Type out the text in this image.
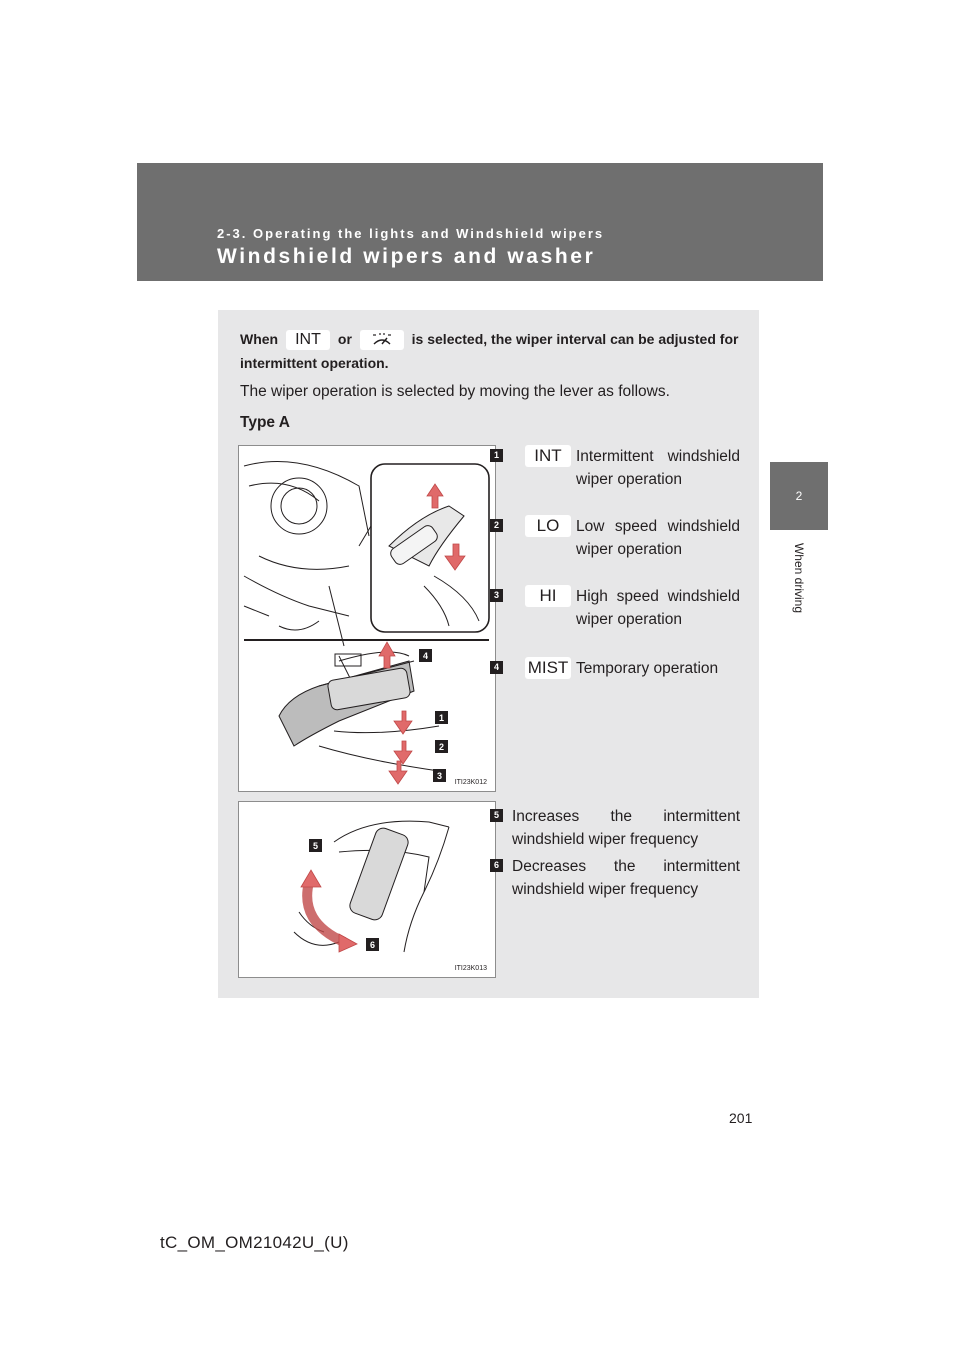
2-3. Operating the lights and Windshield wipers
Windshield wipers and washer
2
When driving
When INT or	is selected, the wiper interval can be adjusted for intermittent operation.
The wiper operation is selected by moving the lever as follows.
Type A
4
1
2
3
ITI23K012
5
6
ITI23K013
1	INT Intermittent windshield wiper operation
2	LO	Low speed windshield wiper operation
3	HI	High speed windshield wiper operation
4 MIST Temporary operation
5 Increases the intermittent windshield wiper frequency
6 Decreases the intermittent windshield wiper frequency
201
tC_OM_OM21042U_(U)
